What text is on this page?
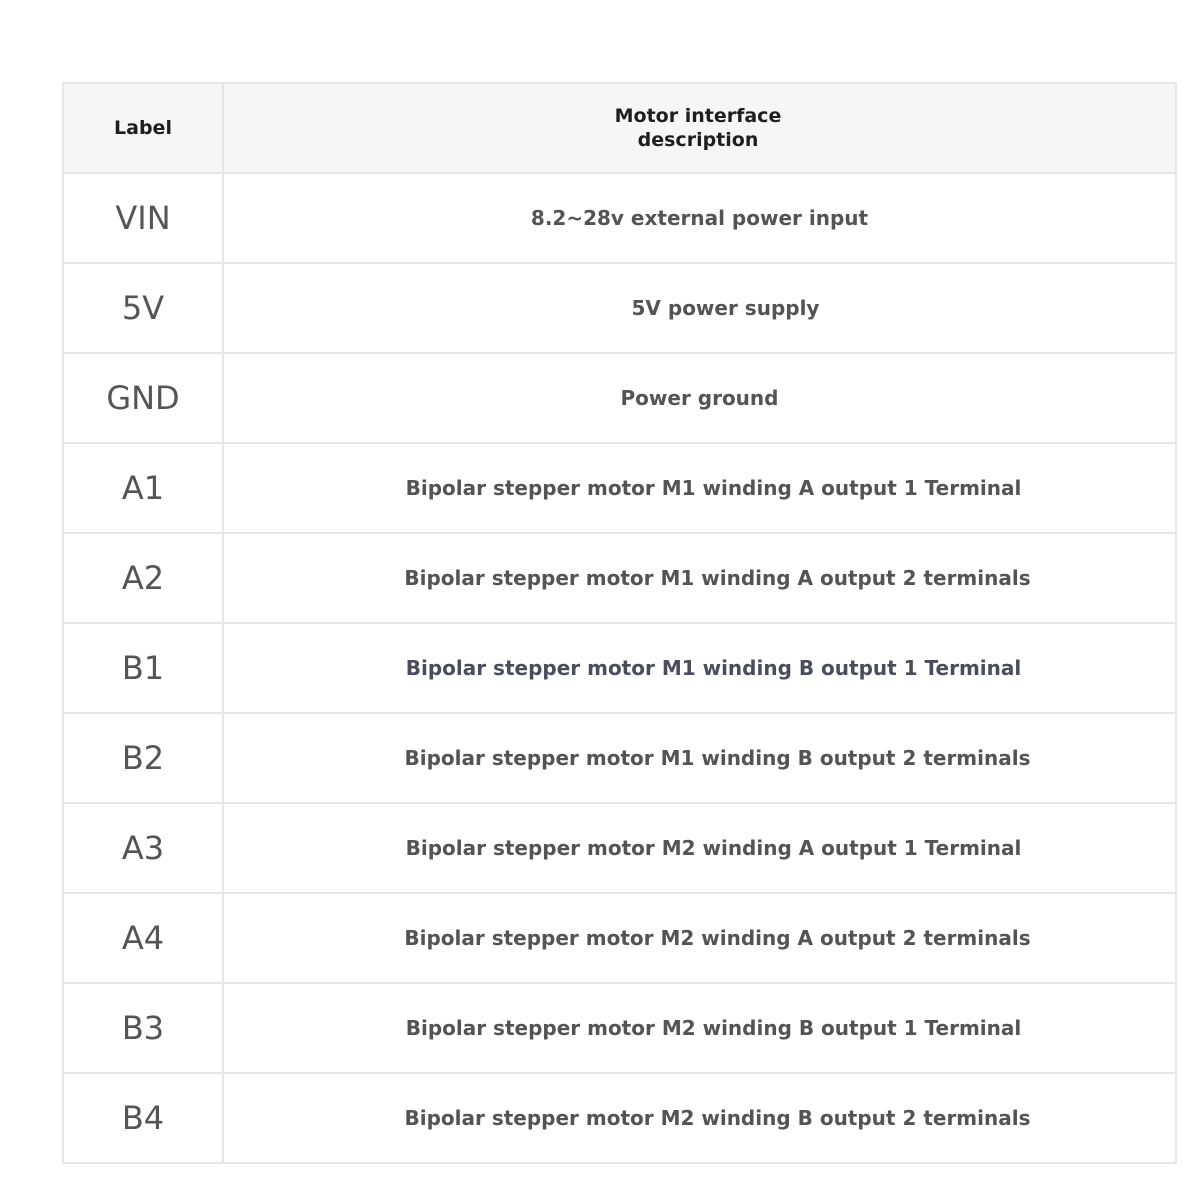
Label	Motor interface description
VIN	8.2~28v external power input
5V	5V power supply
GND	Power ground
A1	Bipolar stepper motor M1 winding A output 1 Terminal
A2	Bipolar stepper motor M1 winding A output 2 terminals
B1	Bipolar stepper motor M1 winding B output 1 Terminal
B2	Bipolar stepper motor M1 winding B output 2 terminals
A3	Bipolar stepper motor M2 winding A output 1 Terminal
A4	Bipolar stepper motor M2 winding A output 2 terminals
B3	Bipolar stepper motor M2 winding B output 1 Terminal
B4	Bipolar stepper motor M2 winding B output 2 terminals
